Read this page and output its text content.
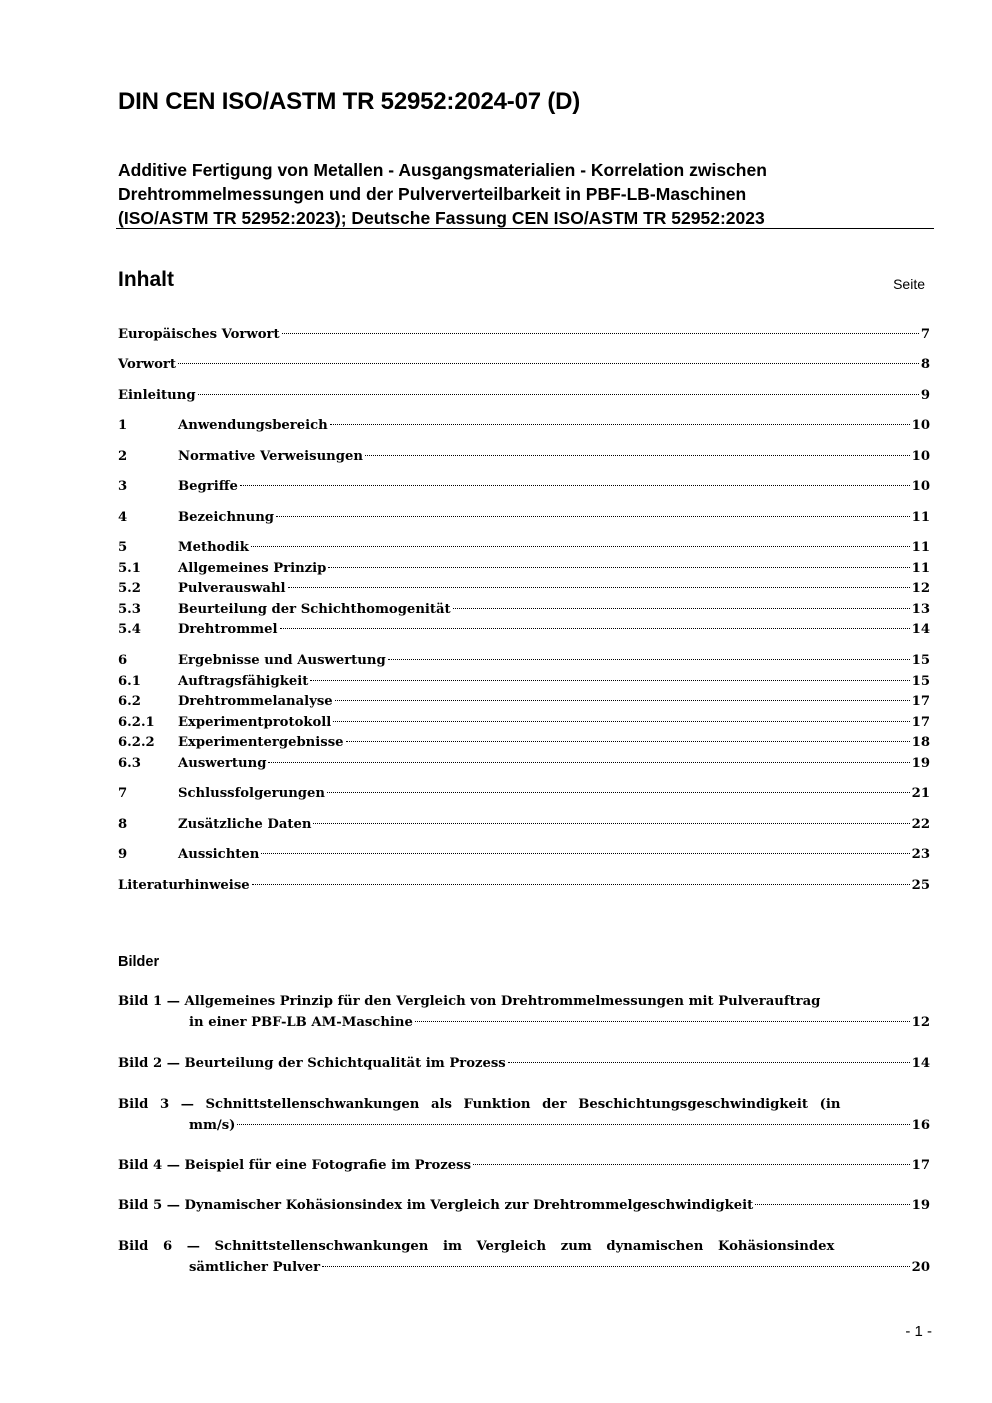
DIN CEN ISO/ASTM TR 52952:2024-07 (D)
Additive Fertigung von Metallen - Ausgangsmaterialien - Korrelation zwischen
Drehtrommelmessungen und der Pulververteilbarkeit in PBF-LB-Maschinen
(ISO/ASTM TR 52952:2023); Deutsche Fassung CEN ISO/ASTM TR 52952:2023
Inhalt	Seite
Europäisches Vorwort	7
Vorwort	8
Einleitung	9
1	Anwendungsbereich	10
2	Normative Verweisungen	10
3	Begriffe	10
4	Bezeichnung	11
5	Methodik	11
5.1	Allgemeines Prinzip	11
5.2	Pulverauswahl	12
5.3	Beurteilung der Schichthomogenität	13
5.4	Drehtrommel	14
6	Ergebnisse und Auswertung	15
6.1	Auftragsfähigkeit	15
6.2	Drehtrommelanalyse	17
6.2.1	Experimentprotokoll	17
6.2.2	Experimentergebnisse	18
6.3	Auswertung	19
7	Schlussfolgerungen	21
8	Zusätzliche Daten	22
9	Aussichten	23
Literaturhinweise	25
Bilder
Bild 1 — Allgemeines Prinzip für den Vergleich von Drehtrommelmessungen mit Pulverauftrag
in einer PBF-LB AM-Maschine	12
Bild 2 — Beurteilung der Schichtqualität im Prozess	14
Bild 3 — Schnittstellenschwankungen als Funktion der Beschichtungsgeschwindigkeit (in
mm/s)	16
Bild 4 — Beispiel für eine Fotografie im Prozess	17
Bild 5 — Dynamischer Kohäsionsindex im Vergleich zur Drehtrommelgeschwindigkeit	19
Bild 6 — Schnittstellenschwankungen im Vergleich zum dynamischen Kohäsionsindex
sämtlicher Pulver	20
- 1 -
